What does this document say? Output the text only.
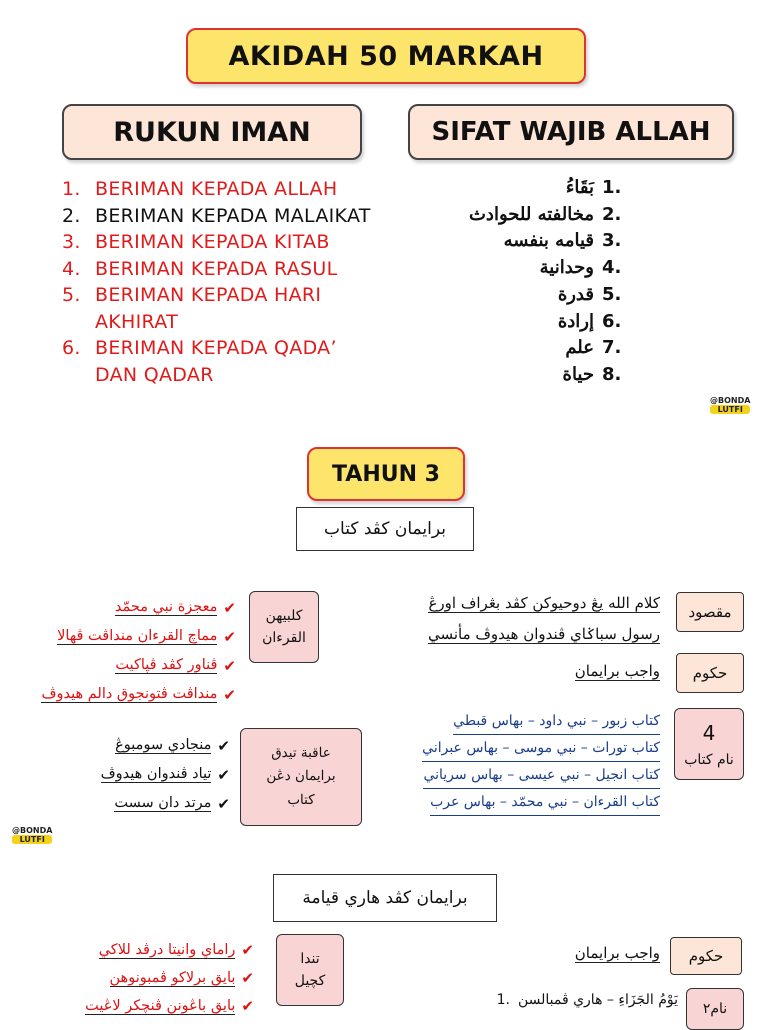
AKIDAH 50 MARKAH
RUKUN IMAN
1. BERIMAN KEPADA ALLAH
2. BERIMAN KEPADA MALAIKAT
3. BERIMAN KEPADA KITAB
4. BERIMAN KEPADA RASUL
5. BERIMAN KEPADA HARI AKHIRAT
6. BERIMAN KEPADA QADA’ DAN QADAR
SIFAT WAJIB ALLAH
بَقَاءُ 1.
مخالفته للحوادث 2.
قيامه بنفسه 3.
وحدانية 4.
قدرة 5.
إرادة 6.
علم 7.
حياة 8.
@BONDA
LUTFI
TAHUN 3
برايمان كڤد كتاب
مقصود
كلام الله يڠ دوحيوكن كڤد بڠراف اورڠ
رسول سباݢاي ڤندوان هيدوڤ مأنسي
حکوم
واجب برايمان
4
نام كتاب
كتاب زبور – نبي داود – بهاس قبطي
كتاب تورات – نبي موسى – بهاس عبراني
كتاب انجيل – نبي عيسى – بهاس سرياني
كتاب القرءان – نبي محمّد – بهاس عرب
كلبيهن القرءان
✔
معجزة نبي محمّد
✔
مماچ القرءان منداڤت ڤهالا
✔
ڤناور كڤد ڤڽاكيت
✔
منداڤت ڤتونجوق دالم هيدوڤ
عاقبة تيدق برايمان دڠن كتاب
✔
منجادي سومبوڠ
✔
تياد ڤندوان هيدوڤ
✔
مرتد دان سست
@BONDA
LUTFI
برايمان كڤد هاري قيامة
حکوم
واجب برايمان
نام٢
1. يَوْمُ الجَزَاءِ – هاري ڤمبالسن
تندا كچيل
✔
راماي وانيتا درڤد للاكي
✔
بايق برلاكو ڤمبونوهن
✔
بايق باڠونن ڤنچكر لاڠيت
